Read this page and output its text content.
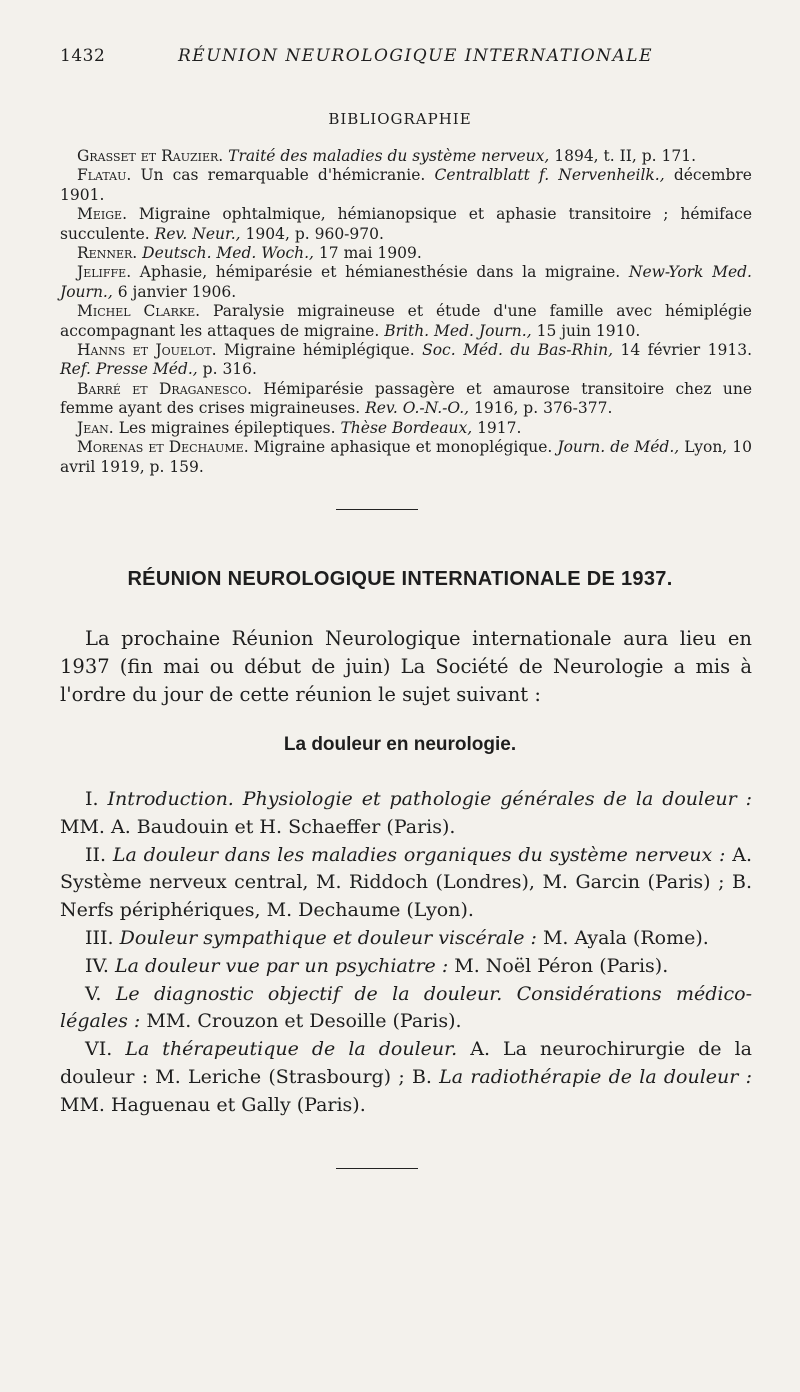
1432	RÉUNION NEUROLOGIQUE INTERNATIONALE
BIBLIOGRAPHIE

Grasset et Rauzier. Traité des maladies du système nerveux, 1894, t. II, p. 171.

Flatau. Un cas remarquable d'hémicranie. Centralblatt f. Nervenheilk., décembre 1901.

Meige. Migraine ophtalmique, hémianopsique et aphasie transitoire ; hémiface succulente. Rev. Neur., 1904, p. 960-970.

Renner. Deutsch. Med. Woch., 17 mai 1909.

Jeliffe. Aphasie, hémiparésie et hémianesthésie dans la migraine. New-York Med. Journ., 6 janvier 1906.

Michel Clarke. Paralysie migraineuse et étude d'une famille avec hémiplégie accompagnant les attaques de migraine. Brith. Med. Journ., 15 juin 1910.

Hanns et Jouelot. Migraine hémiplégique. Soc. Méd. du Bas-Rhin, 14 février 1913. Ref. Presse Méd., p. 316.

Barré et Draganesco. Hémiparésie passagère et amaurose transitoire chez une femme ayant des crises migraineuses. Rev. O.-N.-O., 1916, p. 376-377.

Jean. Les migraines épileptiques. Thèse Bordeaux, 1917.

Morenas et Dechaume. Migraine aphasique et monoplégique. Journ. de Méd., Lyon, 10 avril 1919, p. 159.

RÉUNION NEUROLOGIQUE INTERNATIONALE DE 1937.

La prochaine Réunion Neurologique internationale aura lieu en 1937 (fin mai ou début de juin) La Société de Neurologie a mis à l'ordre du jour de cette réunion le sujet suivant :

La douleur en neurologie.

I. Introduction. Physiologie et pathologie générales de la douleur : MM. A. Baudouin et H. Schaeffer (Paris).

II. La douleur dans les maladies organiques du système nerveux : A. Système nerveux central, M. Riddoch (Londres), M. Garcin (Paris) ; B. Nerfs périphériques, M. Dechaume (Lyon).

III. Douleur sympathique et douleur viscérale : M. Ayala (Rome).

IV. La douleur vue par un psychiatre : M. Noël Péron (Paris).

V. Le diagnostic objectif de la douleur. Considérations médico-légales : MM. Crouzon et Desoille (Paris).

VI. La thérapeutique de la douleur. A. La neurochirurgie de la douleur : M. Leriche (Strasbourg) ; B. La radiothérapie de la douleur : MM. Haguenau et Gally (Paris).
